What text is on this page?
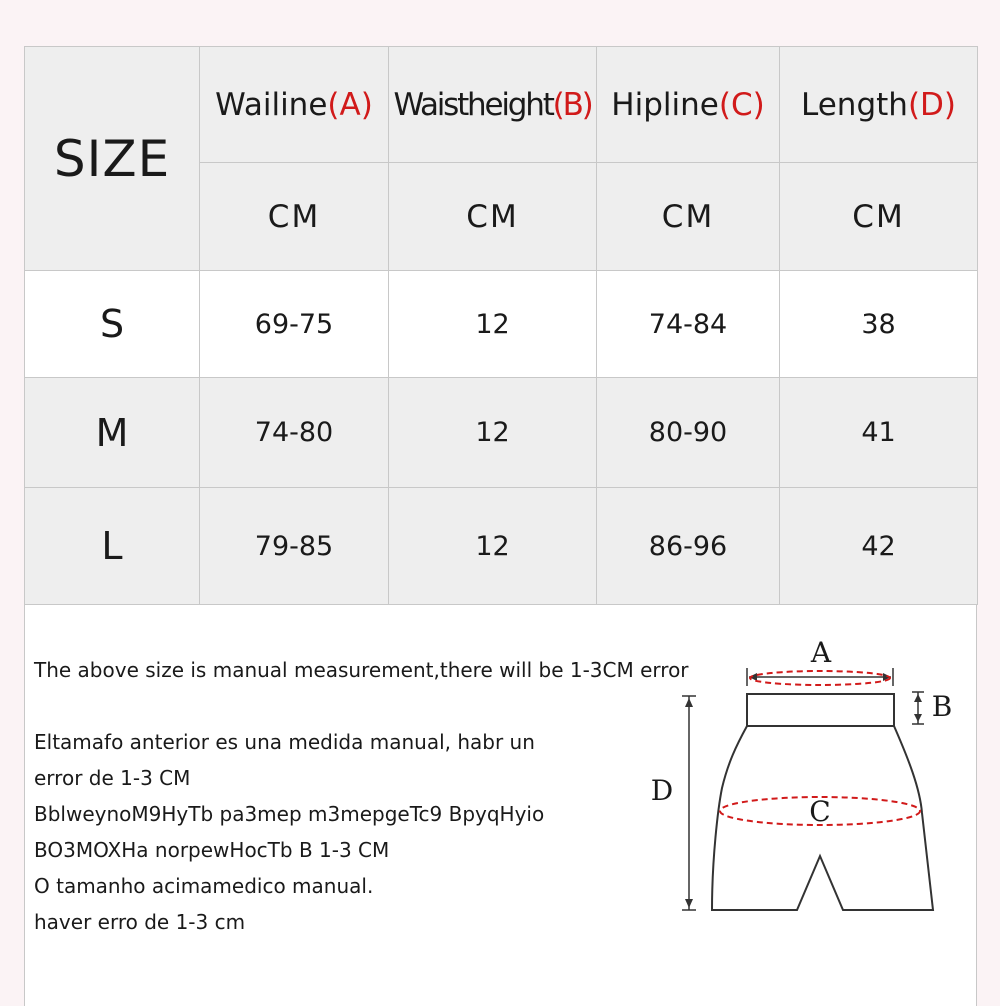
SIZE	Wailine(A)	Waistheight(B)	Hipline(C)	Length(D)
	CM	CM	CM	CM
S	69-75	12	74-84	38
M	74-80	12	80-90	41
L	79-85	12	86-96	42
The above size is manual measurement,there will be 1-3CM error
Eltamafo anterior es una medida manual, habr un
error de 1-3 CM
BblweynoM9HyTb pa3mep m3mepgeTc9 BpyqHyio
BO3MOXHa norpewHocTb B 1-3 CM
O tamanho acimamedico manual.
haver erro de 1-3 cm
A
B
C
D
